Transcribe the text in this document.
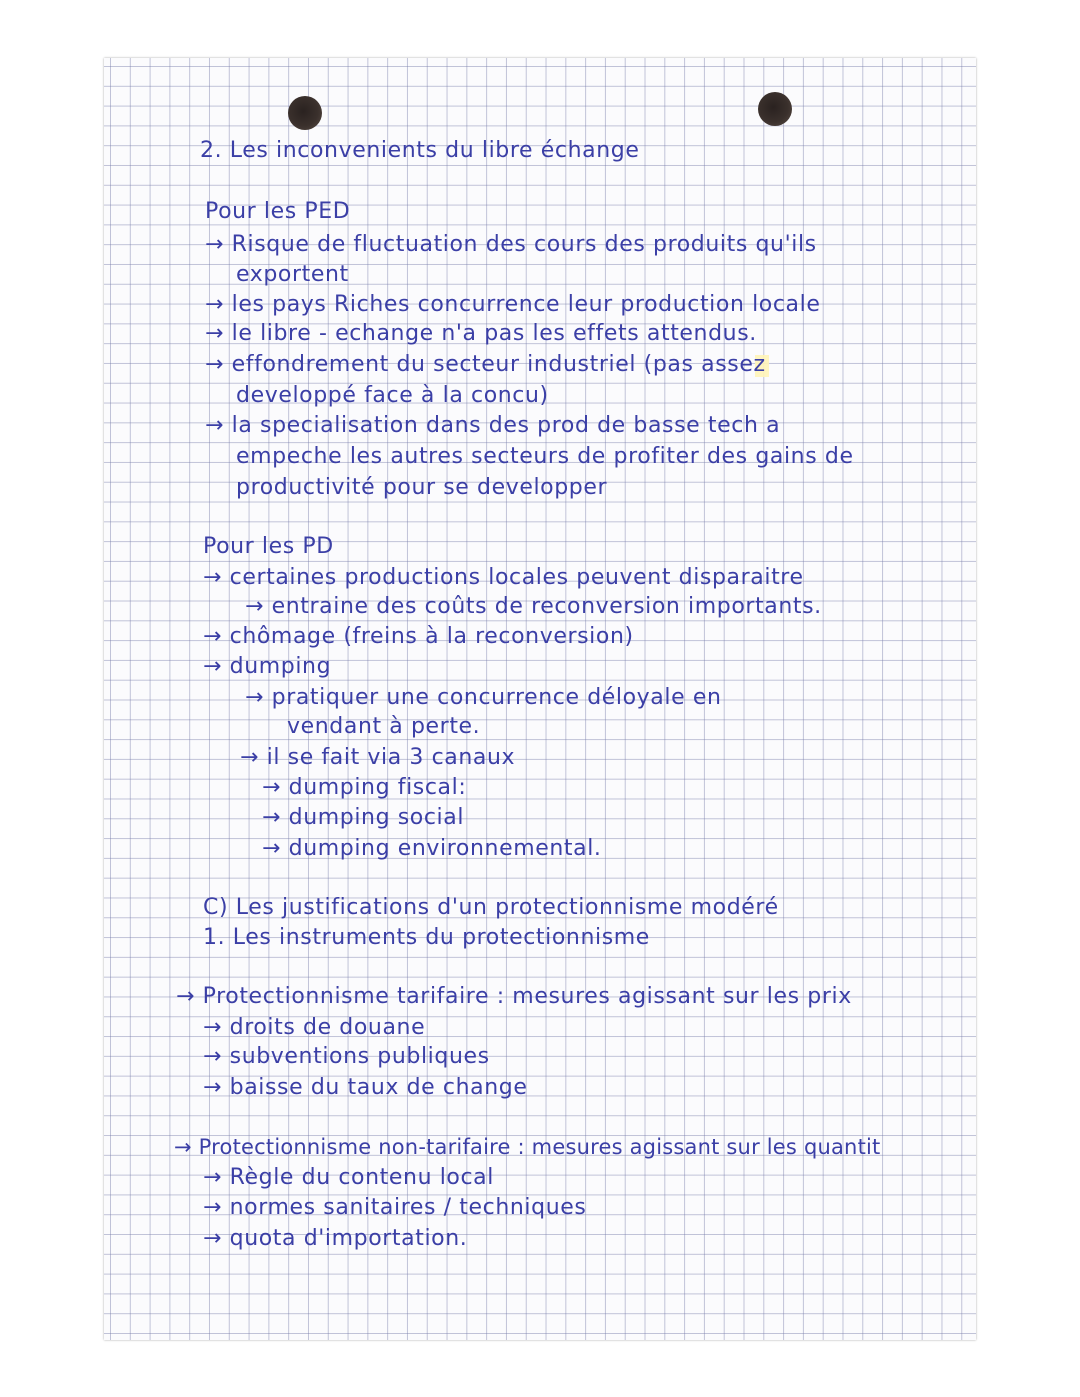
2. Les inconvenients du libre échange
Pour les PED
→ Risque de fluctuation des cours des produits qu'ils
exportent
→ les pays Riches concurrence leur production locale
→ le libre - echange n'a pas les effets attendus.
→ effondrement du secteur industriel (pas assez
developpé face à la concu)
→ la specialisation dans des prod de basse tech a
empeche les autres secteurs de profiter des gains de
productivité pour se developper
Pour les PD
→ certaines productions locales peuvent disparaitre
→ entraine des coûts de reconversion importants.
→ chômage (freins à la reconversion)
→ dumping
→ pratiquer une concurrence déloyale en
vendant à perte.
→ il se fait via 3 canaux
→ dumping fiscal:
→ dumping social
→ dumping environnemental.
C) Les justifications d'un protectionnisme modéré
1. Les instruments du protectionnisme
→ Protectionnisme tarifaire : mesures agissant sur les prix
→ droits de douane
→ subventions publiques
→ baisse du taux de change
→ Protectionnisme non-tarifaire : mesures agissant sur les quantit
→ Règle du contenu local
→ normes sanitaires / techniques
→ quota d'importation.
